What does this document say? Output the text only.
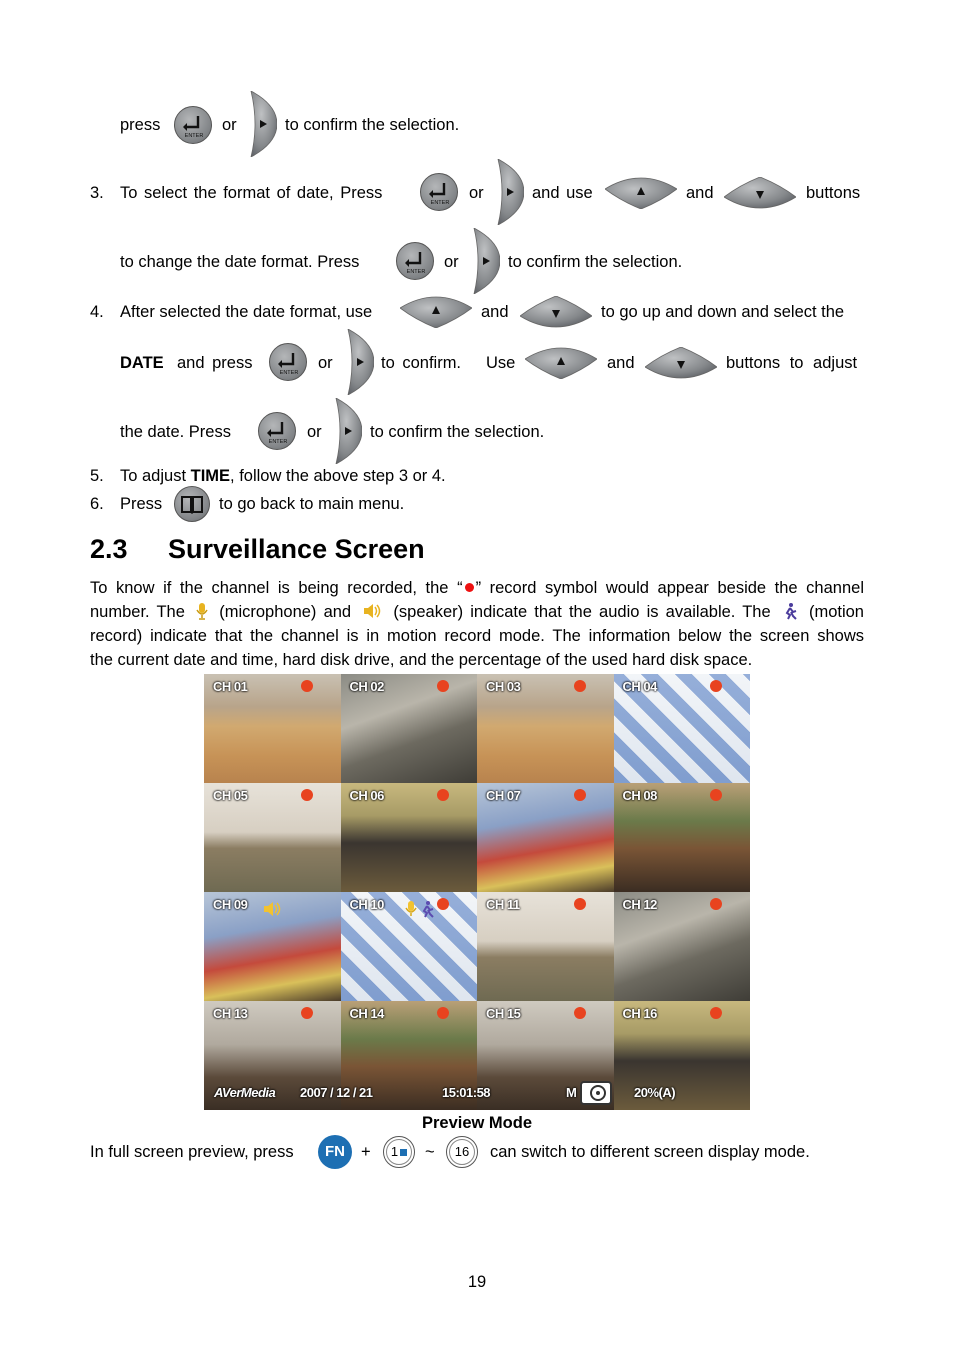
press	or	to confirm the selection.
3. To select the format of date, Press	or	and use	and	buttons
to change the date format. Press	or	to confirm the selection.
4. After selected the date format, use	and	to go up and down and select the
DATE and press	or	to confirm. Use	and	buttons to adjust
the date. Press	or	to confirm the selection.
5. To adjust TIME, follow the above step 3 or 4.
6. Press	to go back to main menu.
2.3 Surveillance Screen
To know if the channel is being recorded, the “ ” record symbol would appear beside the channel
number. The  (microphone) and  (speaker) indicate that the audio is available. The  (motion
record) indicate that the channel is in motion record mode. The information below the screen shows
the current date and time, hard disk drive, and the percentage of the used hard disk space.
CH 01	CH 02	CH 03	CH 04
CH 05	CH 06	CH 07	CH 08
CH 09	CH 10	CH 11	CH 12
CH 13	CH 14	CH 15	CH 16
AVerMedia 2007 / 12 / 21	15:01:58	M	20%(A)
Preview Mode
In full screen preview, press	FN +	1	~	16	can switch to different screen display mode.
19
